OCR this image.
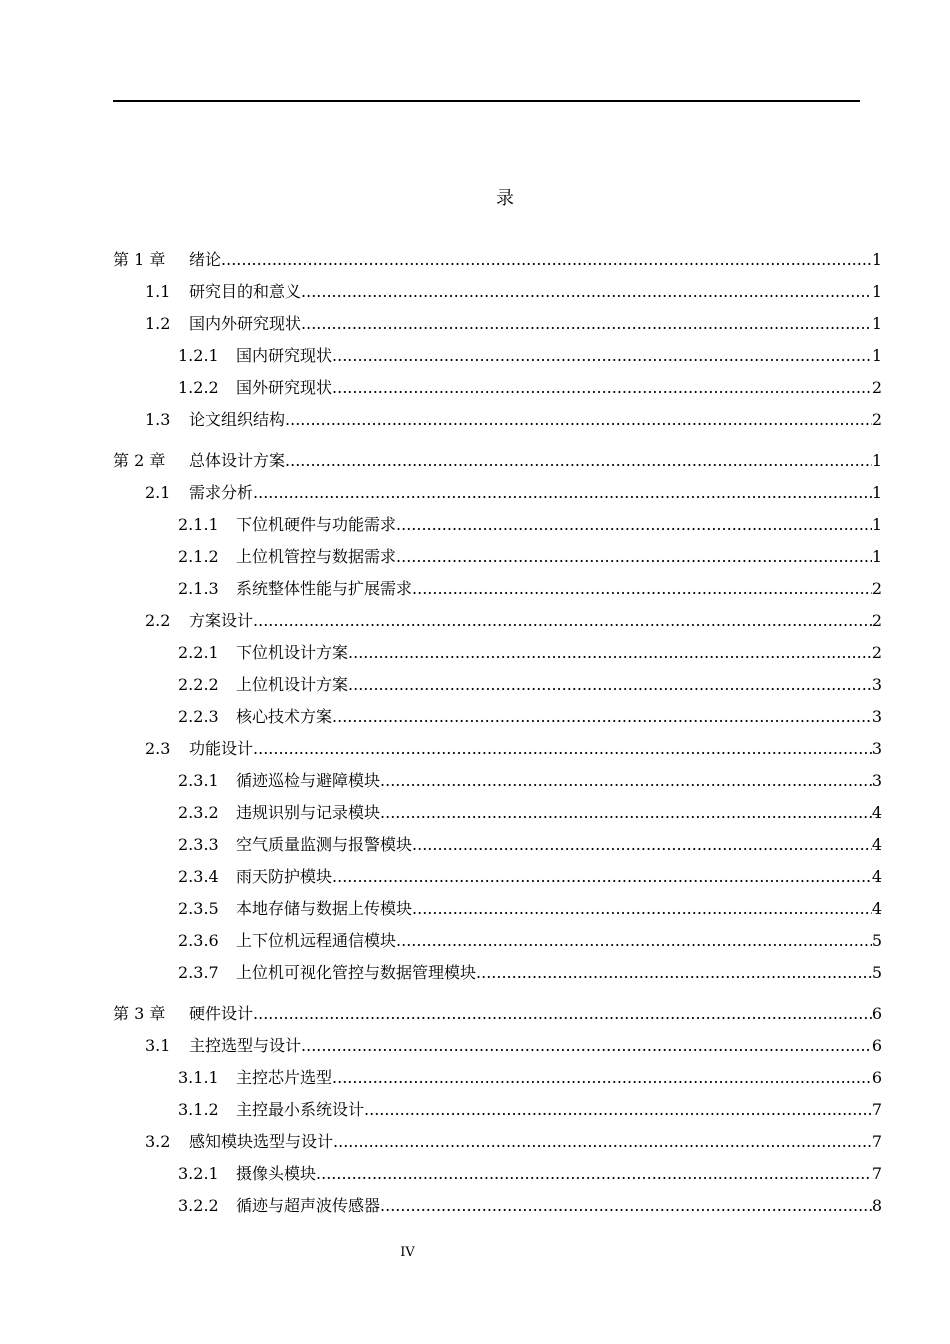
录
第 1 章 绪论 .....	1
1.1 研究目的和意义 .....	1
1.2 国内外研究现状 .....	1
1.2.1 国内研究现状 .....	1
1.2.2 国外研究现状 .....	2
1.3 论文组织结构 .....	2
第 2 章 总体设计方案 .....	1
2.1 需求分析 .....	1
2.1.1 下位机硬件与功能需求 .....	1
2.1.2 上位机管控与数据需求 .....	1
2.1.3 系统整体性能与扩展需求 .....	2
2.2 方案设计 .....	2
2.2.1 下位机设计方案 .....	2
2.2.2 上位机设计方案 .....	3
2.2.3 核心技术方案 .....	3
2.3 功能设计 .....	3
2.3.1 循迹巡检与避障模块 .....	3
2.3.2 违规识别与记录模块 .....	4
2.3.3 空气质量监测与报警模块 .....	4
2.3.4 雨天防护模块 .....	4
2.3.5 本地存储与数据上传模块 .....	4
2.3.6 上下位机远程通信模块 .....	5
2.3.7 上位机可视化管控与数据管理模块 .....	5
第 3 章 硬件设计 .....	6
3.1 主控选型与设计 .....	6
3.1.1 主控芯片选型 .....	6
3.1.2 主控最小系统设计 .....	7
3.2 感知模块选型与设计 .....	7
3.2.1 摄像头模块 .....	7
3.2.2 循迹与超声波传感器 .....	8
IV
